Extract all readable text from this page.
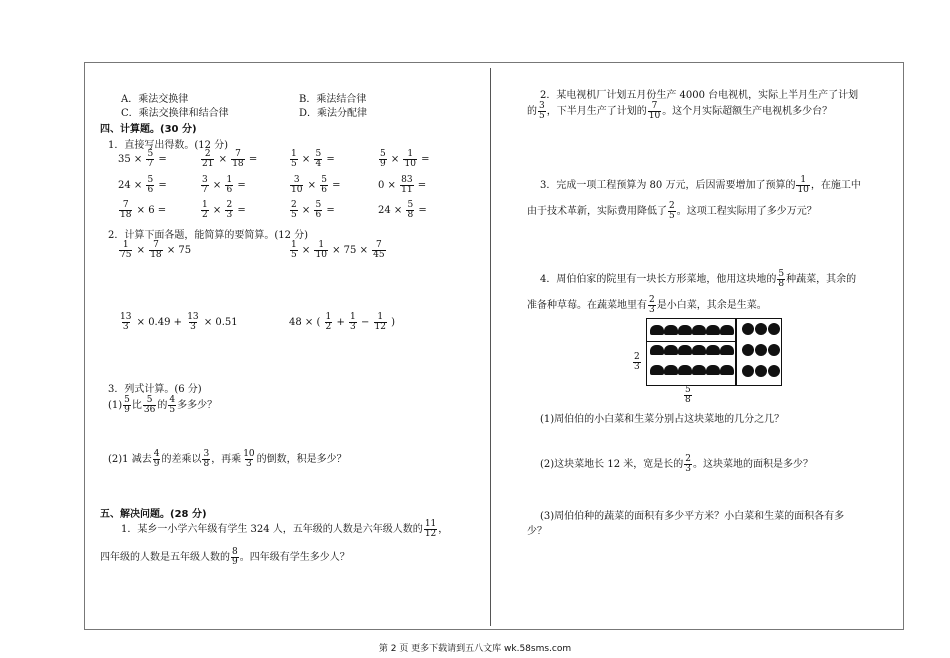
A．乘法交换律	B．乘法结合律
C．乘法交换律和结合律	D．乘法分配律
四、计算题。(30 分)
1．直接写出得数。(12 分)
$35 \times \frac{5}{7}$ =	$\frac{2}{21} \times \frac{7}{18}$ =	$\frac{1}{5} \times \frac{5}{4}$ =	$\frac{5}{9} \times \frac{1}{10}$ =
$24 \times \frac{5}{6}$ =	$\frac{3}{7} \times \frac{1}{6}$ =	$\frac{3}{10} \times \frac{5}{6}$ =	$0 \times \frac{83}{11}$ =
$\frac{7}{18} \times 6$ =	$\frac{1}{2} \times \frac{2}{3}$ =	$\frac{2}{5} \times \frac{5}{6}$ =	$24 \times \frac{5}{8}$ =
2．计算下面各题，能简算的要简算。(12 分)
$\frac{1}{75} \times \frac{7}{18} \times 75$	$\frac{1}{5} \times \frac{1}{10} \times 75 \times \frac{7}{45}$
$\frac{13}{3} \times 0.49 + \frac{13}{3} \times 0.51$	48 × ( $\frac{1}{2} + \frac{1}{3} - \frac{1}{12}$ )
3．列式计算。(6 分)
$(1) \frac{5}{9}$ 比 $\frac{5}{36}$ 的 $\frac{4}{5}$ 多多少？
(2)1 减去 $\frac{4}{9}$ 的差乘以 $\frac{3}{8}$ ，再乘 $\frac{10}{3}$ 的倒数，积是多少？
五、解决问题。(28 分)
1．某乡一小学六年级有学生 324 人，五年级的人数是六年级人数的 $\frac{11}{12}$ ，
四年级的人数是五年级人数的 $\frac{8}{9}$ 。四年级有学生多少人？
2．某电视机厂计划五月份生产 4000 台电视机，实际上半月生产了计划
的 $\frac{3}{5}$ ，下半月生产了计划的 $\frac{7}{10}$ 。这个月实际超额生产电视机多少台？
3．完成一项工程预算为 80 万元，后因需要增加了预算的 $\frac{1}{10}$ ，在施工中
由于技术革新，实际费用降低了 $\frac{2}{5}$ 。这项工程实际用了多少万元？
4．周伯伯家的院里有一块长方形菜地，他用这块地的 $\frac{5}{8}$ 种蔬菜，其余的
准备种草莓。在蔬菜地里有 $\frac{2}{3}$ 是小白菜，其余是生菜。
$\frac{2}{3}$
$\frac{5}{8}$
(1)周伯伯的小白菜和生菜分别占这块菜地的几分之几？
(2)这块菜地长 12 米，宽是长的 $\frac{2}{3}$ 。这块菜地的面积是多少？
(3)周伯伯种的蔬菜的面积有多少平方米？小白菜和生菜的面积各有多
少？
第 2 页 更多下载请到五八文库 wk.58sms.com
